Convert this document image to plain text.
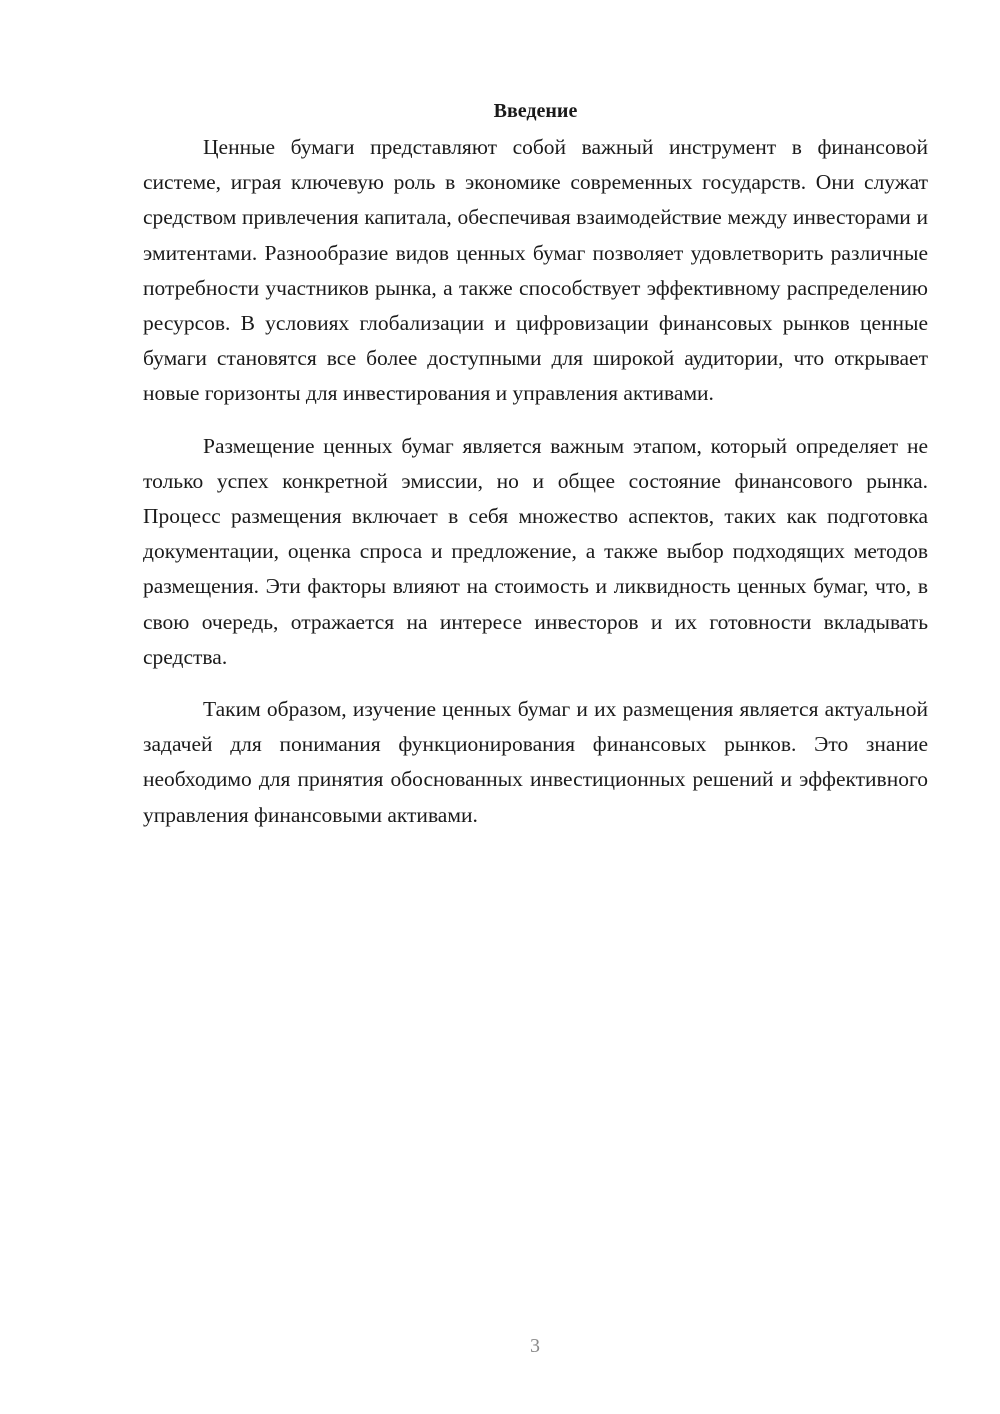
Введение

Ценные бумаги представляют собой важный инструмент в финансовой системе, играя ключевую роль в экономике современных государств. Они служат средством привлечения капитала, обеспечивая взаимодействие между инвесторами и эмитентами. Разнообразие видов ценных бумаг позволяет удовлетворить различные потребности участников рынка, а также способствует эффективному распределению ресурсов. В условиях глобализации и цифровизации финансовых рынков ценные бумаги становятся все более доступными для широкой аудитории, что открывает новые горизонты для инвестирования и управления активами.

Размещение ценных бумаг является важным этапом, который определяет не только успех конкретной эмиссии, но и общее состояние финансового рынка. Процесс размещения включает в себя множество аспектов, таких как подготовка документации, оценка спроса и предложение, а также выбор подходящих методов размещения. Эти факторы влияют на стоимость и ликвидность ценных бумаг, что, в свою очередь, отражается на интересе инвесторов и их готовности вкладывать средства.

Таким образом, изучение ценных бумаг и их размещения является актуальной задачей для понимания функционирования финансовых рынков. Это знание необходимо для принятия обоснованных инвестиционных решений и эффективного управления финансовыми активами.

3
